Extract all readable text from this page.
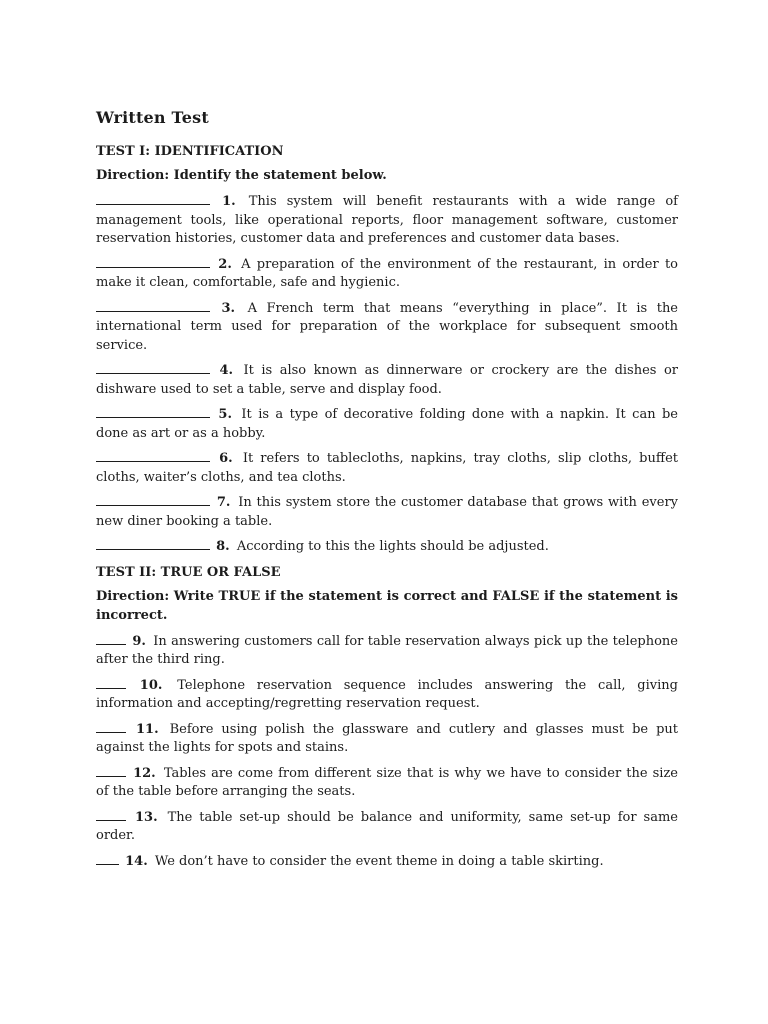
Written Test
TEST I: IDENTIFICATION
Direction: Identify the statement below.
1. This system will benefit restaurants with a wide range of management tools, like operational reports, floor management software, customer reservation histories, customer data and preferences and customer data bases.
2. A preparation of the environment of the restaurant, in order to make it clean, comfortable, safe and hygienic.
3. A French term that means “everything in place”. It is the international term used for preparation of the workplace for subsequent smooth service.
4. It is also known as dinnerware or crockery are the dishes or dishware used to set a table, serve and display food.
5. It is a type of decorative folding done with a napkin. It can be done as art or as a hobby.
6. It refers to tablecloths, napkins, tray cloths, slip cloths, buffet cloths, waiter’s cloths, and tea cloths.
7. In this system store the customer database that grows with every new diner booking a table.
8. According to this the lights should be adjusted.
TEST II: TRUE OR FALSE
Direction: Write TRUE if the statement is correct and FALSE if the statement is incorrect.
9. In answering customers call for table reservation always pick up the telephone after the third ring.
10. Telephone reservation sequence includes answering the call, giving information and accepting/regretting reservation request.
11. Before using polish the glassware and cutlery and glasses must be put against the lights for spots and stains.
12. Tables are come from different size that is why we have to consider the size of the table before arranging the seats.
13. The table set-up should be balance and uniformity, same set-up for same order.
14. We don’t have to consider the event theme in doing a table skirting.
